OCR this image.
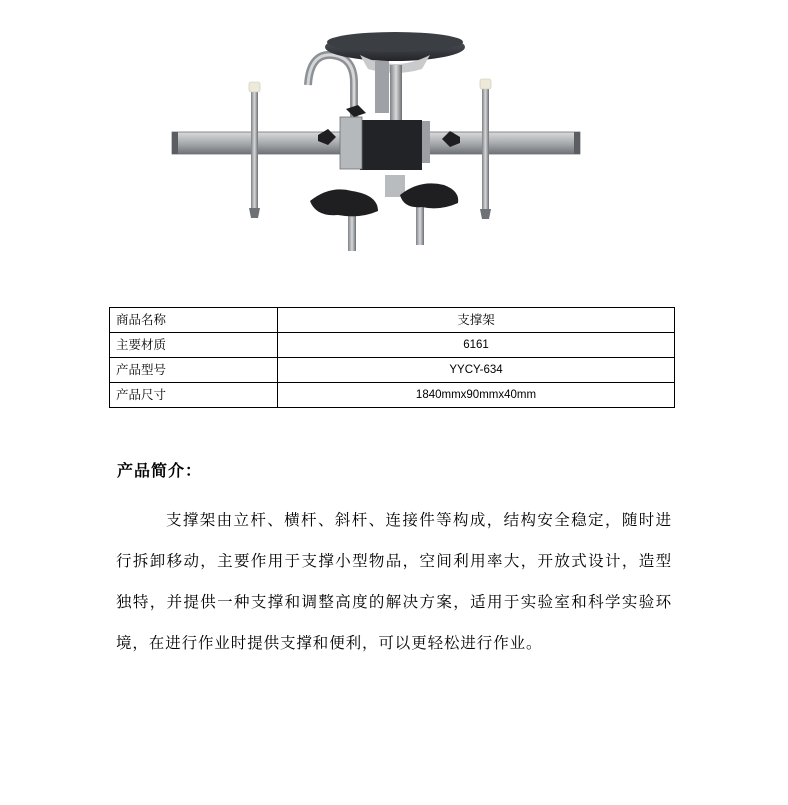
商品名称	支撑架
主要材质	6161
产品型号	YYCY-634
产品尺寸	1840mmx90mmx40mm
产品简介：

支撑架由立杆、横杆、斜杆、连接件等构成，结构安全稳定，随时进行拆卸移动，主要作用于支撑小型物品，空间利用率大，开放式设计，造型独特，并提供一种支撑和调整高度的解决方案，适用于实验室和科学实验环境，在进行作业时提供支撑和便利，可以更轻松进行作业。
